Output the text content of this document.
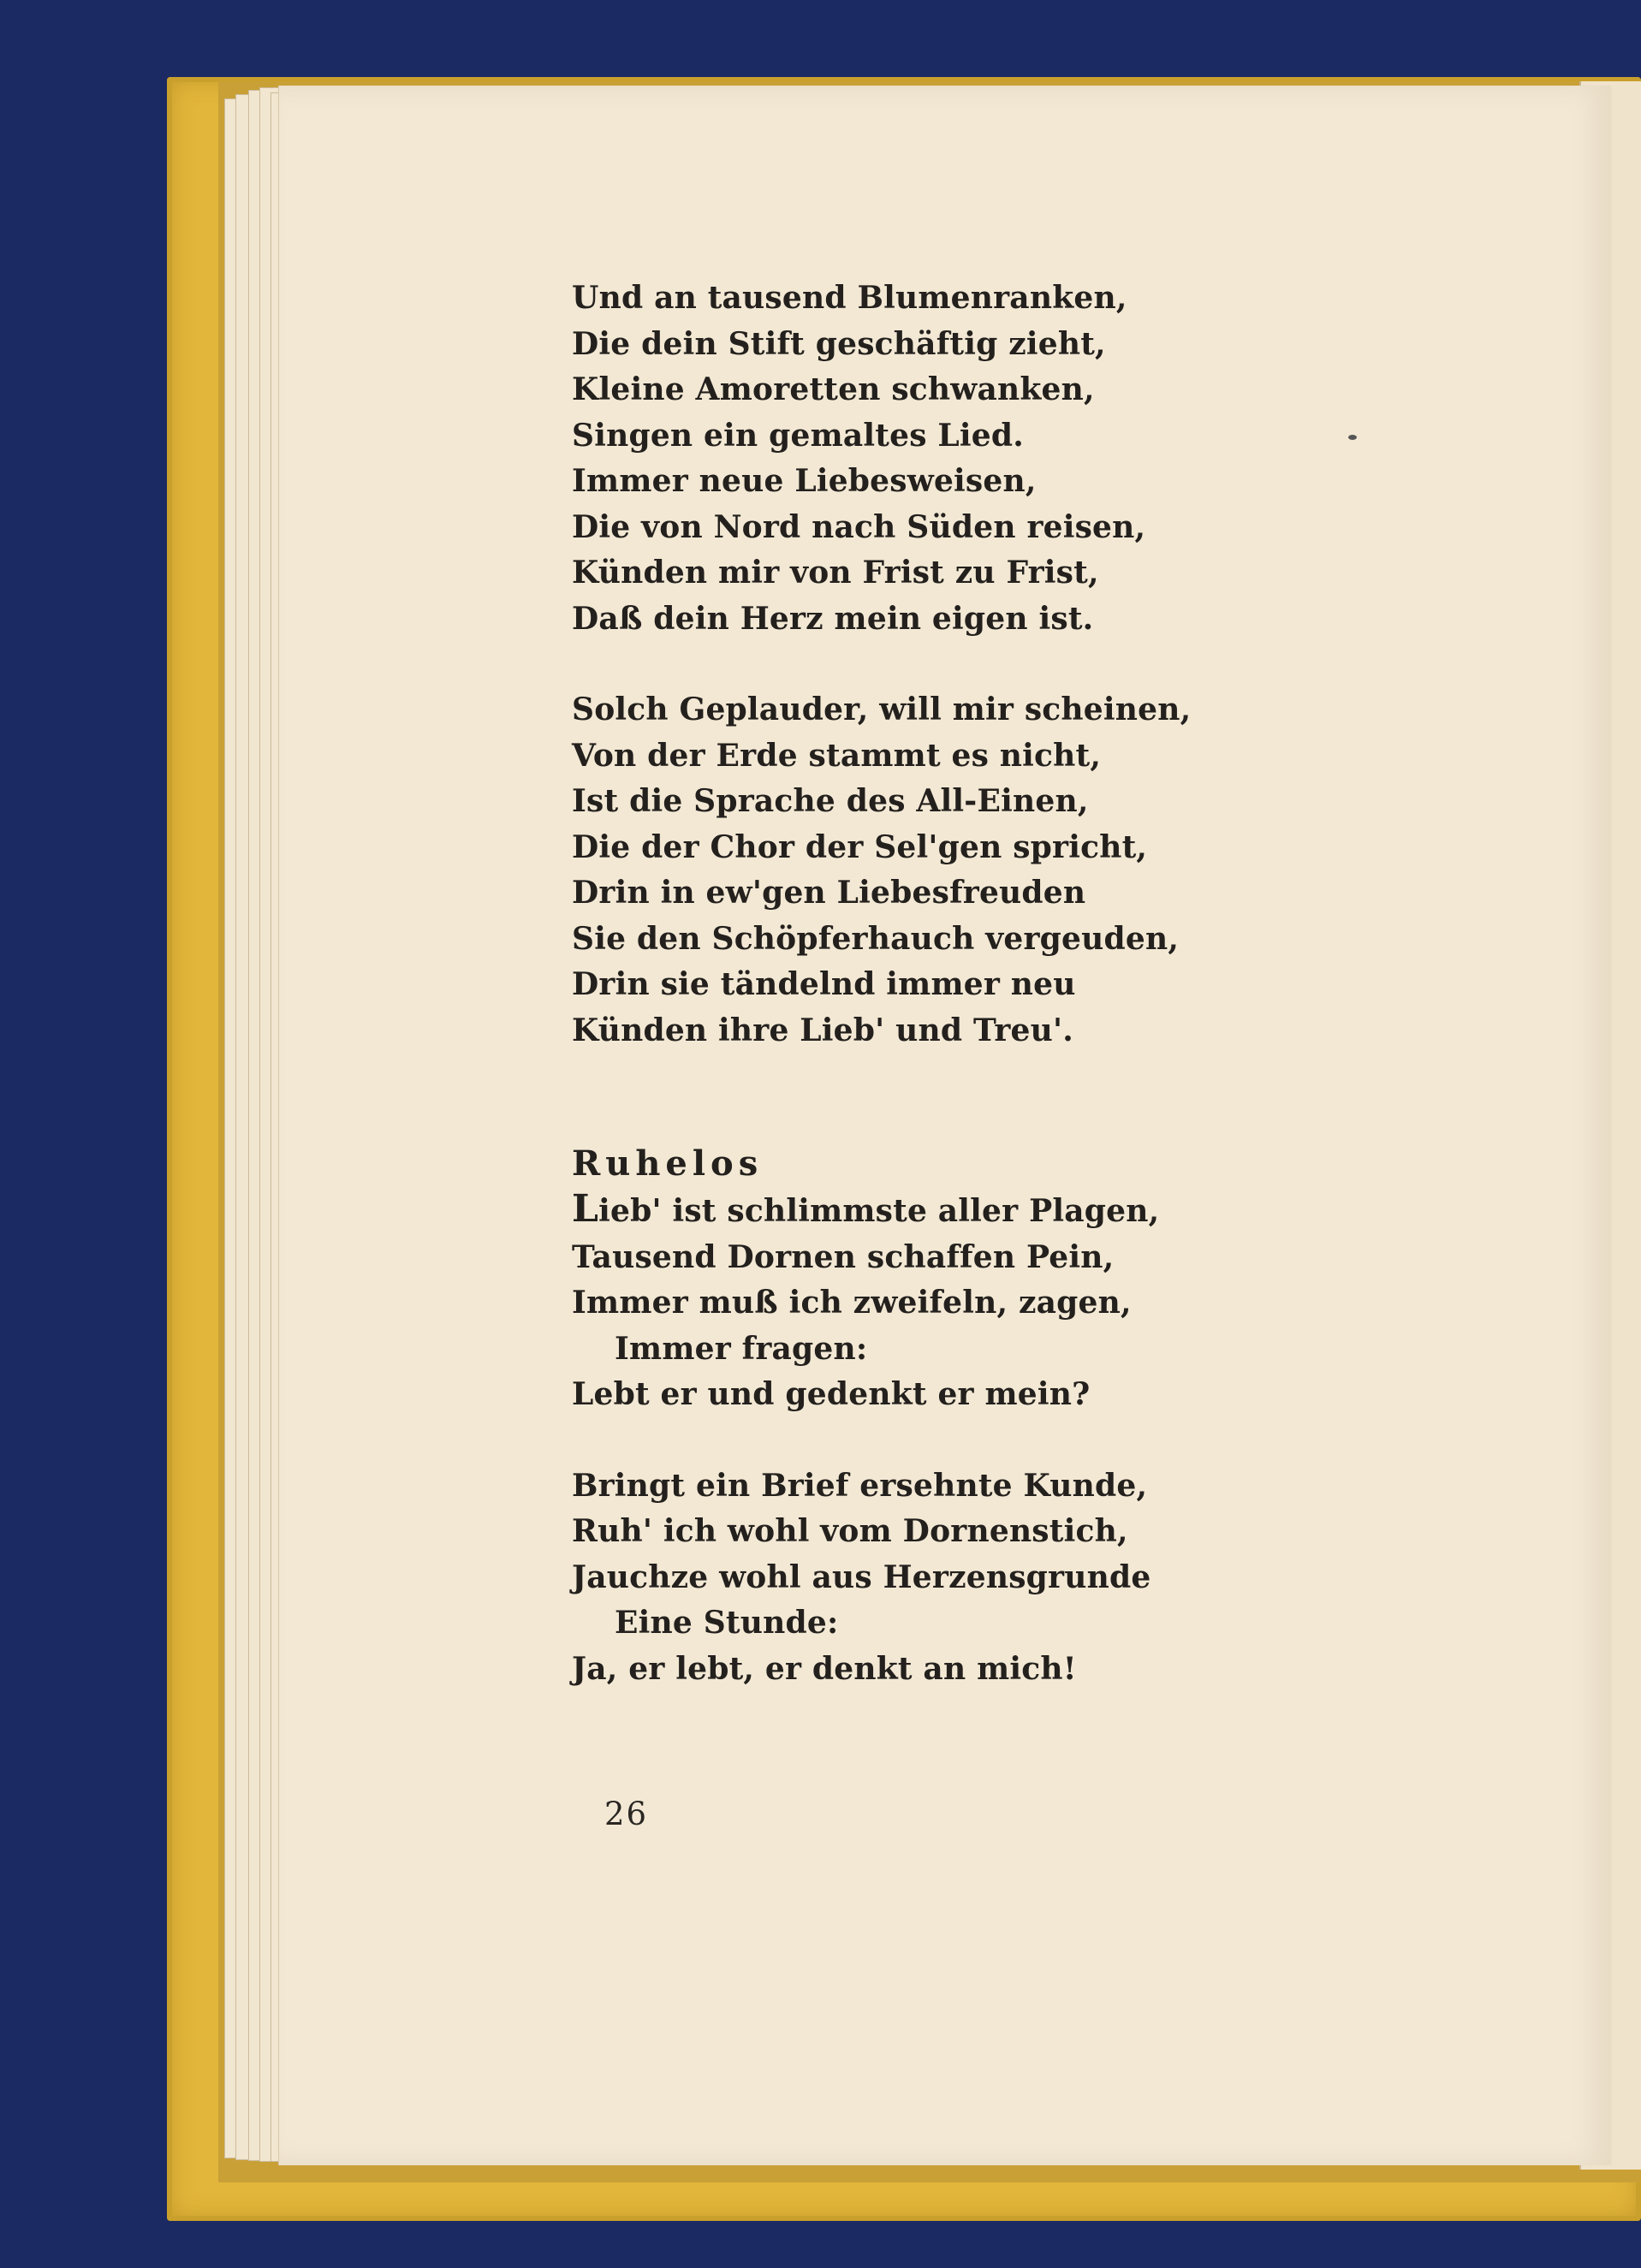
Und an tausend Blumenranken,
Die dein Stift geschäftig zieht,
Kleine Amoretten schwanken,
Singen ein gemaltes Lied.
Immer neue Liebesweisen,
Die von Nord nach Süden reisen,
Künden mir von Frist zu Frist,
Daß dein Herz mein eigen ist.
Solch Geplauder, will mir scheinen,
Von der Erde stammt es nicht,
Ist die Sprache des All-Einen,
Die der Chor der Sel'gen spricht,
Drin in ew'gen Liebesfreuden
Sie den Schöpferhauch vergeuden,
Drin sie tändelnd immer neu
Künden ihre Lieb' und Treu'.
Ruhelos
Lieb' ist schlimmste aller Plagen,
Tausend Dornen schaffen Pein,
Immer muß ich zweifeln, zagen,
Immer fragen:
Lebt er und gedenkt er mein?
Bringt ein Brief ersehnte Kunde,
Ruh' ich wohl vom Dornenstich,
Jauchze wohl aus Herzensgrunde
Eine Stunde:
Ja, er lebt, er denkt an mich!
26
